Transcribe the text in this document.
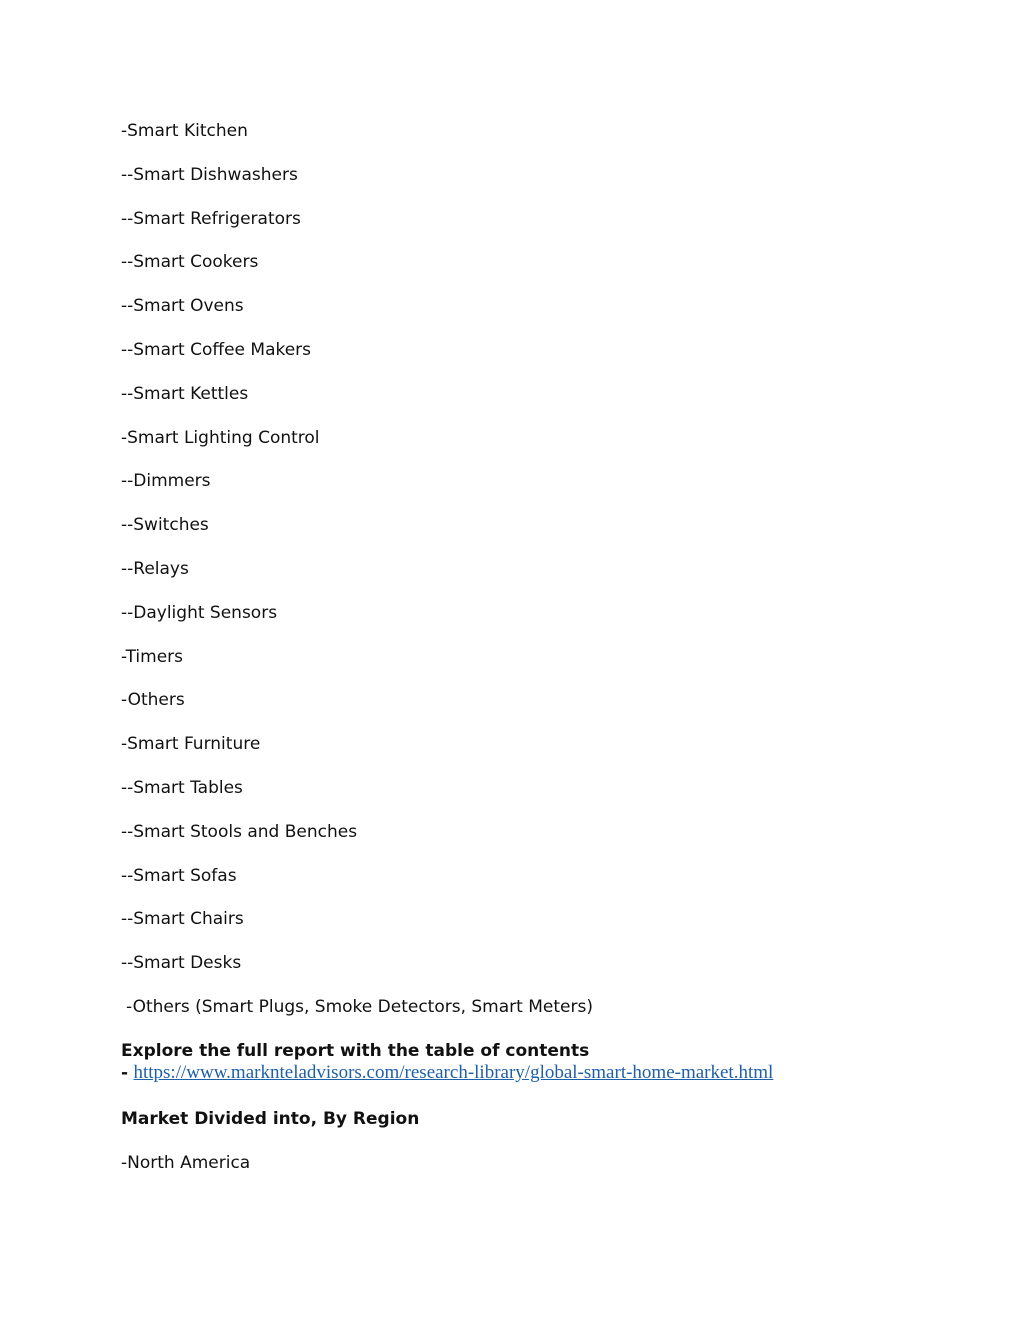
-Smart Kitchen
--Smart Dishwashers
--Smart Refrigerators
--Smart Cookers
--Smart Ovens
--Smart Coffee Makers
--Smart Kettles
-Smart Lighting Control
--Dimmers
--Switches
--Relays
--Daylight Sensors
-Timers
-Others
-Smart Furniture
--Smart Tables
--Smart Stools and Benches
--Smart Sofas
--Smart Chairs
--Smart Desks
-Others (Smart Plugs, Smoke Detectors, Smart Meters)
Explore the full report with the table of contents
- https://www.marknteladvisors.com/research-library/global-smart-home-market.html
Market Divided into, By Region
-North America
